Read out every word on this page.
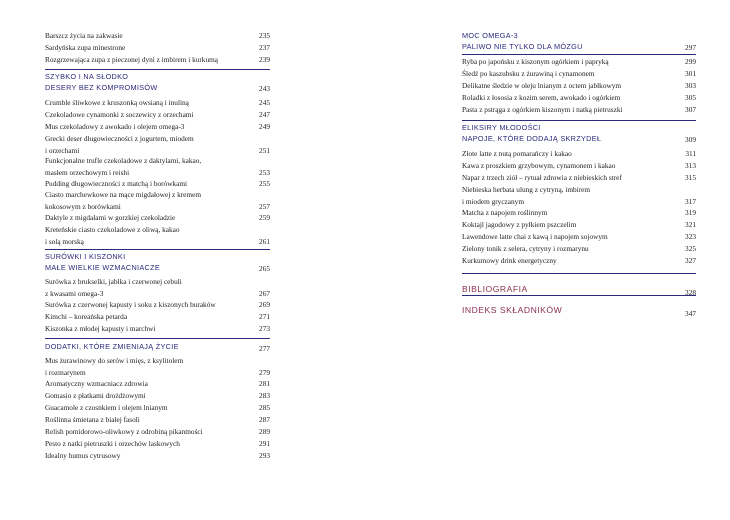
Barszcz życia na zakwasie	235
Sardyńska zupa minestrone	237
Rozgrzewająca zupa z pieczonej dyni z imbirem i kurkumą	239
SZYBKO I NA SŁODKO
DESERY BEZ KOMPROMISÓW	243
Crumble śliwkowe z kruszonką owsianą i inuliną	245
Czekoladowe cynamonki z soczewicy z orzechami	247
Mus czekoladowy z awokado i olejem omega-3	249
Grecki deser długowieczności z jogurtem, miodem
i orzechami	251
Funkcjonalne trufle czekoladowe z daktylami, kakao,
masłem orzechowym i reishi	253
Pudding długowieczności z matchą i borówkami	255
Ciasto marchewkowe na mące migdałowej z kremem
kokosowym z borówkami	257
Daktyle z migdałami w gorzkiej czekoladzie	259
Kreteńskie ciasto czekoladowe z oliwą, kakao
i solą morską	261
SURÓWKI I KISZONKI
MAŁE WIELKIE WZMACNIACZE	265
Surówka z brukselki, jabłka i czerwonej cebuli
z kwasami omega-3	267
Surówka z czerwonej kapusty i soku z kiszonych buraków	269
Kimchi – koreańska petarda	271
Kiszonka z młodej kapusty i marchwi	273
DODATKI, KTÓRE ZMIENIAJĄ ŻYCIE	277
Mus żurawinowy do serów i mięs, z ksylitolem
i rozmarynem	279
Aromatyczny wzmacniacz zdrowia	281
Gomasio z płatkami drożdżowymi	283
Guacamole z czosnkiem i olejem lnianym	285
Roślinna śmietana z białej fasoli	287
Relish pomidorowo-oliwkowy z odrobiną pikantności	289
Pesto z natki pietruszki i orzechów laskowych	291
Idealny humus cytrusowy	293
MOC OMEGA-3
PALIWO NIE TYLKO DLA MÓZGU	297
Ryba po japońsku z kiszonym ogórkiem i papryką	299
Śledź po kaszubsku z żurawiną i cynamonem	301
Delikatne śledzie w oleju lnianym z octem jabłkowym	303
Roladki z łososia z kozim serem, awokado i ogórkiem	305
Pasta z pstrąga z ogórkiem kiszonym i natką pietruszki	307
ELIKSIRY MŁODOŚCI
NAPOJE, KTÓRE DODAJĄ SKRZYDEŁ	309
Złote latte z nutą pomarańczy i kakao	311
Kawa z proszkiem grzybowym, cynamonem i kakao	313
Napar z trzech ziół – rytuał zdrowia z niebieskich stref	315
Niebieska herbata ulung z cytryną, imbirem
i miodem gryczanym	317
Matcha z napojem roślinnym	319
Koktajl jagodowy z pyłkiem pszczelim	321
Lawendowe latte chai z kawą i napojem sojowym	323
Zielony tonik z selera, cytryny i rozmarynu	325
Kurkumowy drink energetyczny	327
BIBLIOGRAFIA	328
INDEKS SKŁADNIKÓW	347
